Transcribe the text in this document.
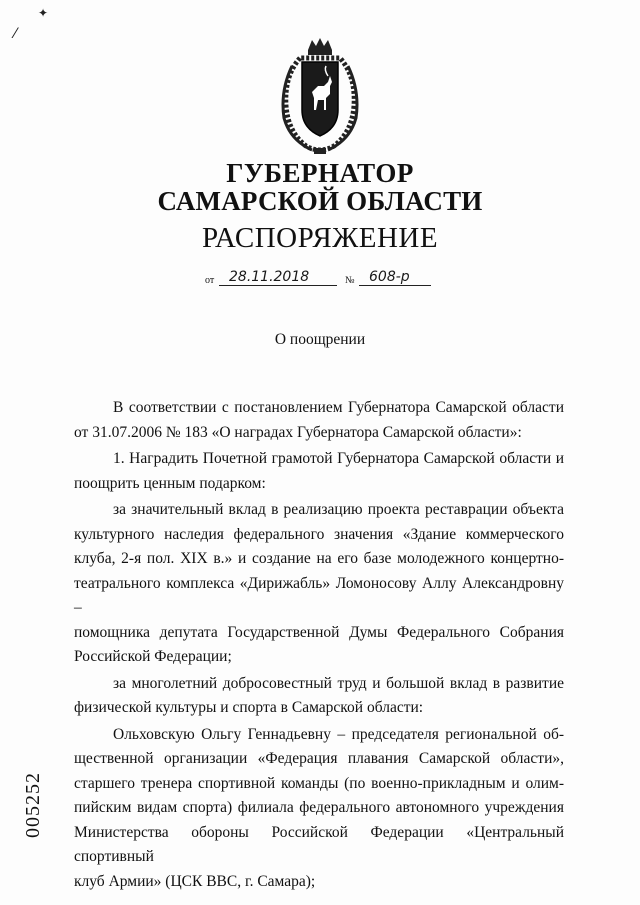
✦
⁄
ГУБЕРНАТОР
САМАРСКОЙ ОБЛАСТИ
РАСПОРЯЖЕНИЕ
от 28.11.2018	№ 608-р
О поощрении

В соответствии с постановлением Губернатора Самарской области

от 31.07.2006 № 183 «О наградах Губернатора Самарской области»:

1. Наградить Почетной грамотой Губернатора Самарской области и

поощрить ценным подарком:

за значительный вклад в реализацию проекта реставрации объекта

культурного наследия федерального значения «Здание коммерческого

клуба, 2-я пол. XIX в.» и создание на его базе молодежного концертно-

театрального комплекса «Дирижабль» Ломоносову Аллу Александровну –

помощника депутата Государственной Думы Федерального Собрания

Российской Федерации;

за многолетний добросовестный труд и большой вклад в развитие

физической культуры и спорта в Самарской области:

Ольховскую Ольгу Геннадьевну – председателя региональной об-

щественной организации «Федерация плавания Самарской области»,

старшего тренера спортивной команды (по военно-прикладным и олим-

пийским видам спорта) филиала федерального автономного учреждения

Министерства обороны Российской Федерации «Центральный спортивный

клуб Армии» (ЦСК ВВС, г. Самара);

005252
